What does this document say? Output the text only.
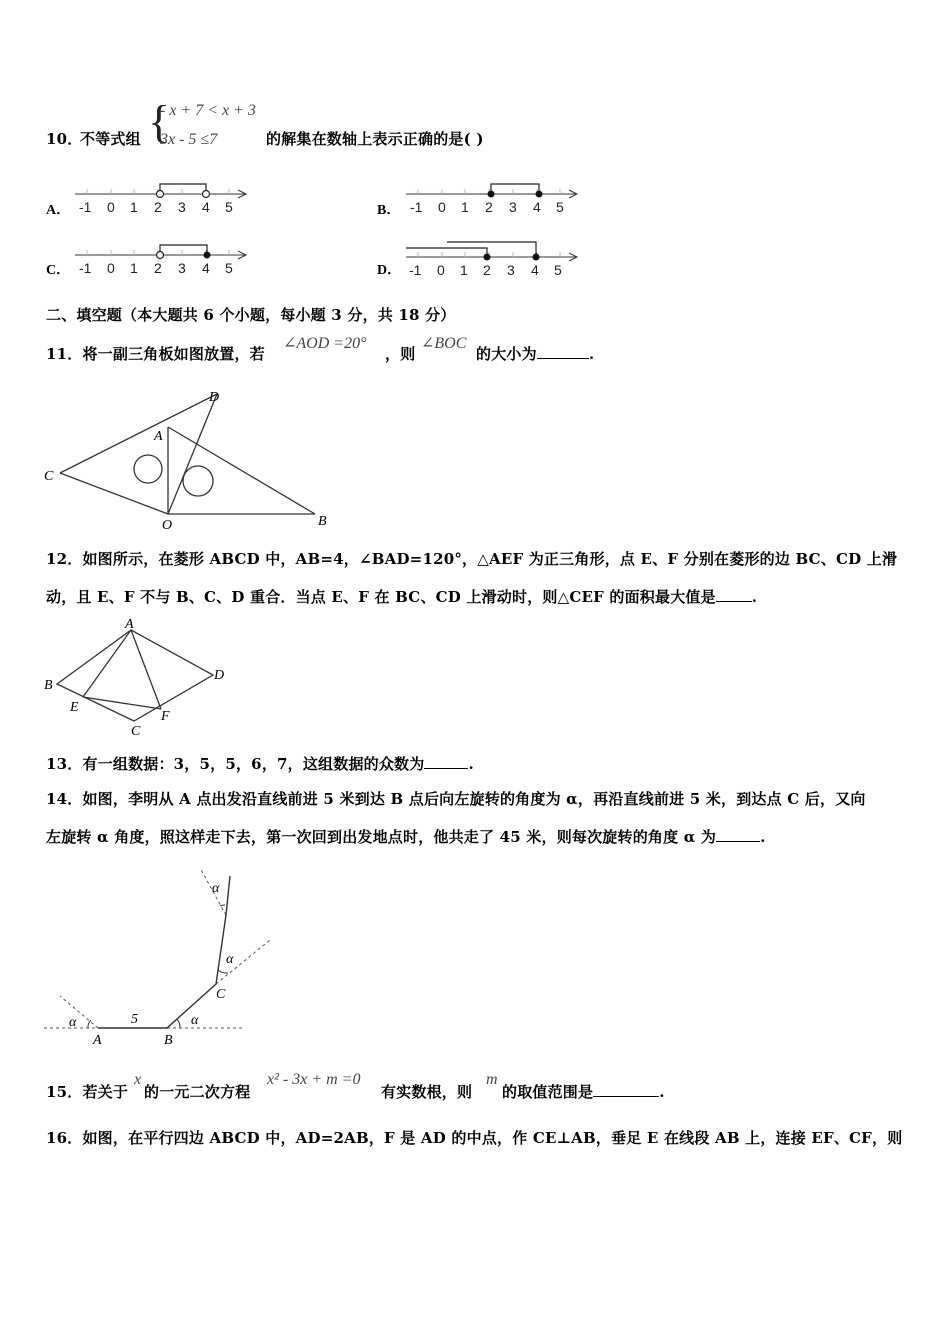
10．
不等式组 {
- x + 7 < x + 3
3x - 5 ≤7	的解集在数轴上表示正确的是( )
A． -1 0 1 2 3 4 5	B． -1 0 1 2 3 4 5
C． -1 0 1 2 3 4 5	D． -1 0 1 2 3 4 5
二、填空题（本大题共 6 个小题，每小题 3 分，共 18 分）
11．将一副三角板如图放置，若
∠AOD =20°
，则
∠BOC
的大小为	.
D
A
C
O	B
12．如图所示，在菱形 ABCD 中，AB=4，∠BAD=120°，△AEF 为正三角形，点 E、F 分别在菱形的边 BC、CD 上滑
动，且 E、F 不与 B、C、D 重合．当点 E、F 在 BC、CD 上滑动时，则△CEF 的面积最大值是 .
A
B
D
E
F
C
13．有一组数据：3，5，5，6，7，这组数据的众数为	.
14．如图，李明从 A 点出发沿直线前进 5 米到达 B 点后向左旋转的角度为 α，再沿直线前进 5 米，到达点 C 后，又向
左旋转 α 角度，照这样走下去，第一次回到出发地点时，他共走了 45 米，则每次旋转的角度 α 为	.
α	α
α
α
5
A	B
C
15．若关于
x
的一元二次方程
x² - 3x + m =0
有实数根，则
m
的取值范围是	.
16．如图，在平行四边 ABCD 中，AD=2AB，F 是 AD 的中点，作 CE⊥AB，垂足 E 在线段 AB 上，连接 EF、CF，则
